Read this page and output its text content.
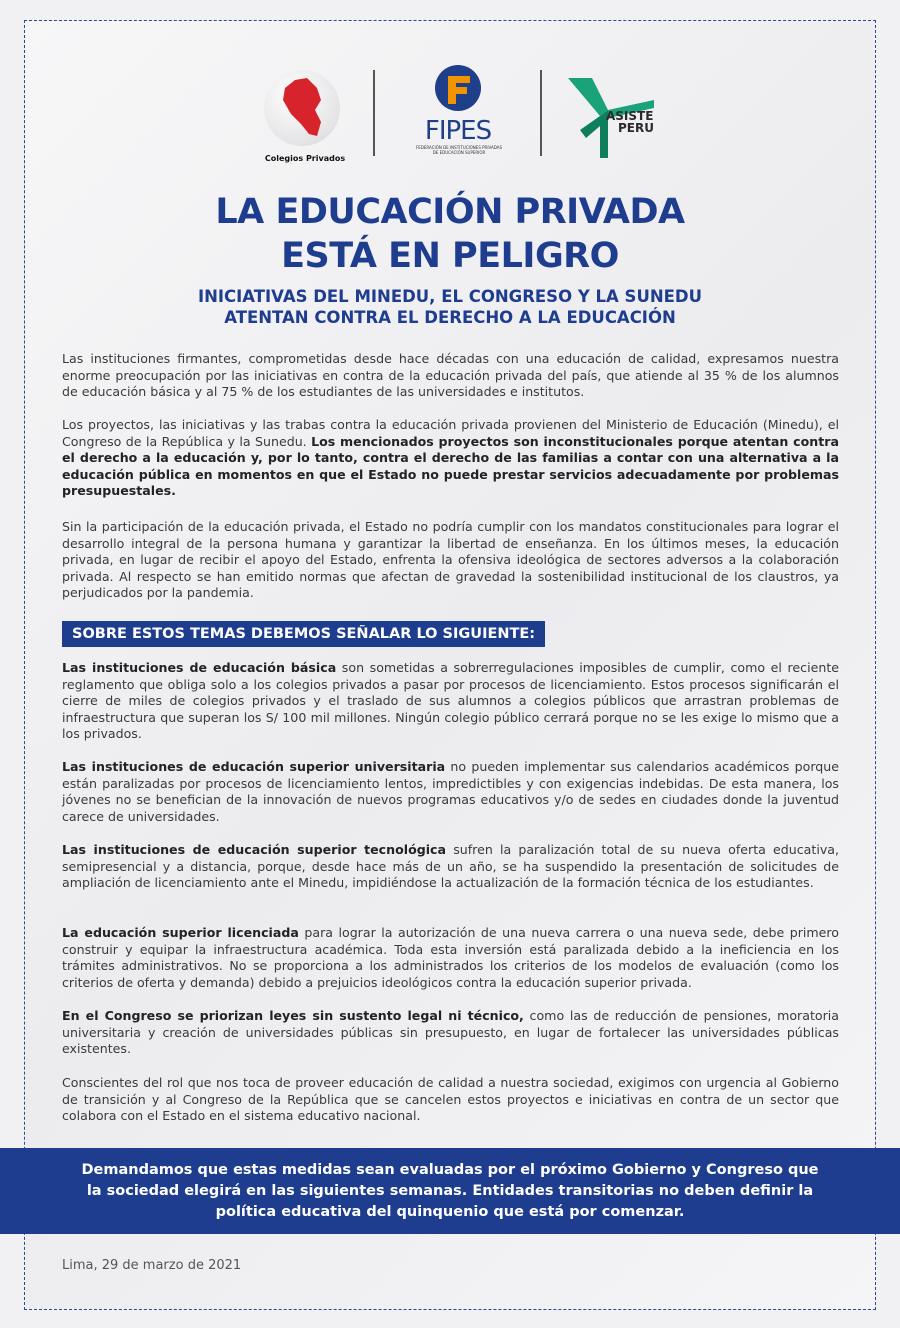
Colegios Privados
FIPES
FEDERACIÓN DE INSTITUCIONES PRIVADAS DE EDUCACIÓN SUPERIOR
ASISTE
PERU
LA EDUCACIÓN PRIVADA
ESTÁ EN PELIGRO
INICIATIVAS DEL MINEDU, EL CONGRESO Y LA SUNEDU
ATENTAN CONTRA EL DERECHO A LA EDUCACIÓN
Las instituciones firmantes, comprometidas desde hace décadas con una educación de calidad, expresamos nuestra enorme preocupación por las iniciativas en contra de la educación privada del país, que atiende al 35 % de los alumnos de educación básica y al 75 % de los estudiantes de las universidades e institutos.
Los proyectos, las iniciativas y las trabas contra la educación privada provienen del Ministerio de Educación (Minedu), el Congreso de la República y la Sunedu. Los mencionados proyectos son inconstitucionales porque atentan contra el derecho a la educación y, por lo tanto, contra el derecho de las familias a contar con una alternativa a la educación pública en momentos en que el Estado no puede prestar servicios adecuadamente por problemas presupuestales.
Sin la participación de la educación privada, el Estado no podría cumplir con los mandatos constitucionales para lograr el desarrollo integral de la persona humana y garantizar la libertad de enseñanza. En los últimos meses, la educación privada, en lugar de recibir el apoyo del Estado, enfrenta la ofensiva ideológica de sectores adversos a la colaboración privada. Al respecto se han emitido normas que afectan de gravedad la sostenibilidad institucional de los claustros, ya perjudicados por la pandemia.
SOBRE ESTOS TEMAS DEBEMOS SEÑALAR LO SIGUIENTE:
Las instituciones de educación básica son sometidas a sobrerregulaciones imposibles de cumplir, como el reciente reglamento que obliga solo a los colegios privados a pasar por procesos de licenciamiento. Estos procesos significarán el cierre de miles de colegios privados y el traslado de sus alumnos a colegios públicos que arrastran problemas de infraestructura que superan los S/ 100 mil millones. Ningún colegio público cerrará porque no se les exige lo mismo que a los privados.
Las instituciones de educación superior universitaria no pueden implementar sus calendarios académicos porque están paralizadas por procesos de licenciamiento lentos, impredictibles y con exigencias indebidas. De esta manera, los jóvenes no se benefician de la innovación de nuevos programas educativos y/o de sedes en ciudades donde la juventud carece de universidades.
Las instituciones de educación superior tecnológica sufren la paralización total de su nueva oferta educativa, semipresencial y a distancia, porque, desde hace más de un año, se ha suspendido la presentación de solicitudes de ampliación de licenciamiento ante el Minedu, impidiéndose la actualización de la formación técnica de los estudiantes.
La educación superior licenciada para lograr la autorización de una nueva carrera o una nueva sede, debe primero construir y equipar la infraestructura académica. Toda esta inversión está paralizada debido a la ineficiencia en los trámites administrativos. No se proporciona a los administrados los criterios de los modelos de evaluación (como los criterios de oferta y demanda) debido a prejuicios ideológicos contra la educación superior privada.
En el Congreso se priorizan leyes sin sustento legal ni técnico, como las de reducción de pensiones, moratoria universitaria y creación de universidades públicas sin presupuesto, en lugar de fortalecer las universidades públicas existentes.
Conscientes del rol que nos toca de proveer educación de calidad a nuestra sociedad, exigimos con urgencia al Gobierno de transición y al Congreso de la República que se cancelen estos proyectos e iniciativas en contra de un sector que colabora con el Estado en el sistema educativo nacional.
Demandamos que estas medidas sean evaluadas por el próximo Gobierno y Congreso que
la sociedad elegirá en las siguientes semanas. Entidades transitorias no deben definir la
política educativa del quinquenio que está por comenzar.
Lima, 29 de marzo de 2021
